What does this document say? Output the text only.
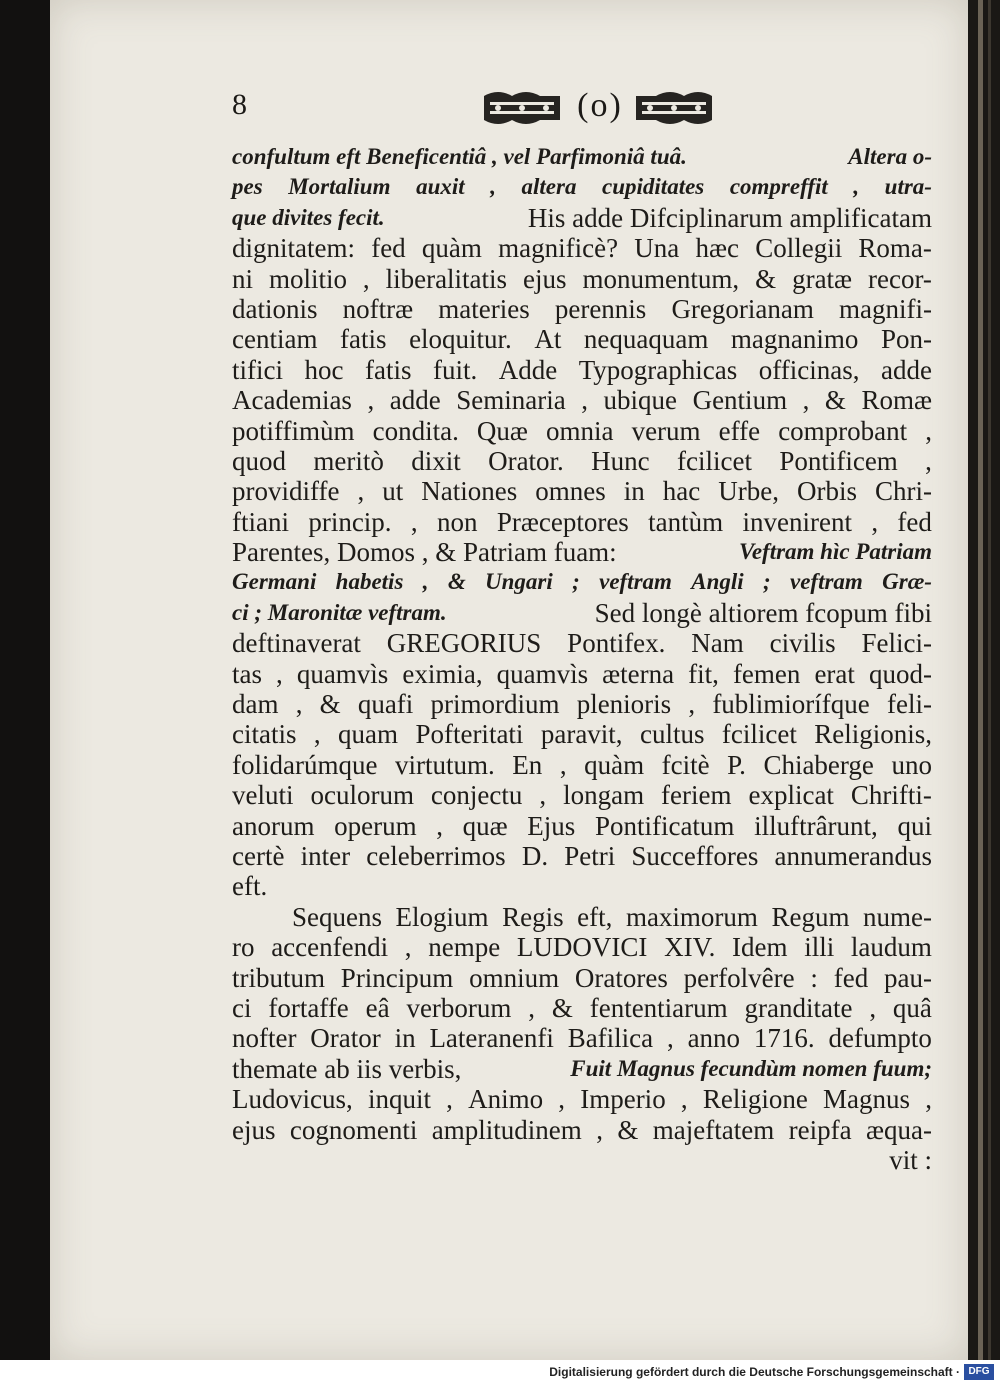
8	(o)
confultum eft Beneficentiâ , vel Parfimoniâ tuâ.	Altera o-
pes Mortalium auxit , altera cupiditates compreffit , utra-
que divites fecit.	His adde Difciplinarum amplificatam
dignitatem: fed quàm magnificè? Una hæc Collegii Roma-
ni molitio , liberalitatis ejus monumentum, & gratæ recor-
dationis noftræ materies perennis Gregorianam magnifi-
centiam fatis eloquitur. At nequaquam magnanimo Pon-
tifici hoc fatis fuit. Adde Typographicas officinas, adde
Academias , adde Seminaria , ubique Gentium , & Romæ
potiffimùm condita. Quæ omnia verum effe comprobant ,
quod meritò dixit Orator. Hunc fcilicet Pontificem ,
providiffe , ut Nationes omnes in hac Urbe, Orbis Chri-
ftiani princip. , non Præceptores tantùm invenirent , fed
Parentes, Domos , & Patriam fuam:	Veftram hìc Patriam
Germani habetis , & Ungari ; veftram Angli ; veftram Græ-
ci ; Maronitæ veftram.	Sed longè altiorem fcopum fibi
deftinaverat GREGORIUS Pontifex. Nam civilis Felici-
tas , quamvìs eximia, quamvìs æterna fit, femen erat quod-
dam , & quafi primordium plenioris , fublimiorífque feli-
citatis , quam Pofteritati paravit, cultus fcilicet Religionis,
folidarúmque virtutum. En , quàm fcitè P. Chiaberge uno
veluti oculorum conjectu , longam feriem explicat Chrifti-
anorum operum , quæ Ejus Pontificatum illuftrârunt, qui
certè inter celeberrimos D. Petri Succeffores annumerandus
eft.
Sequens Elogium Regis eft, maximorum Regum nume-
ro accenfendi , nempe LUDOVICI XIV. Idem illi laudum
tributum Principum omnium Oratores perfolvêre : fed pau-
ci fortaffe eâ verborum , & fententiarum granditate , quâ
nofter Orator in Lateranenfi Bafilica , anno 1716. defumpto
themate ab iis verbis,	Fuit Magnus fecundùm nomen fuum;
Ludovicus, inquit , Animo , Imperio , Religione Magnus ,
ejus cognomenti amplitudinem , & majeftatem reipfa æqua-
vit :
Digitalisierung gefördert durch die Deutsche Forschungsgemeinschaft · DFG
